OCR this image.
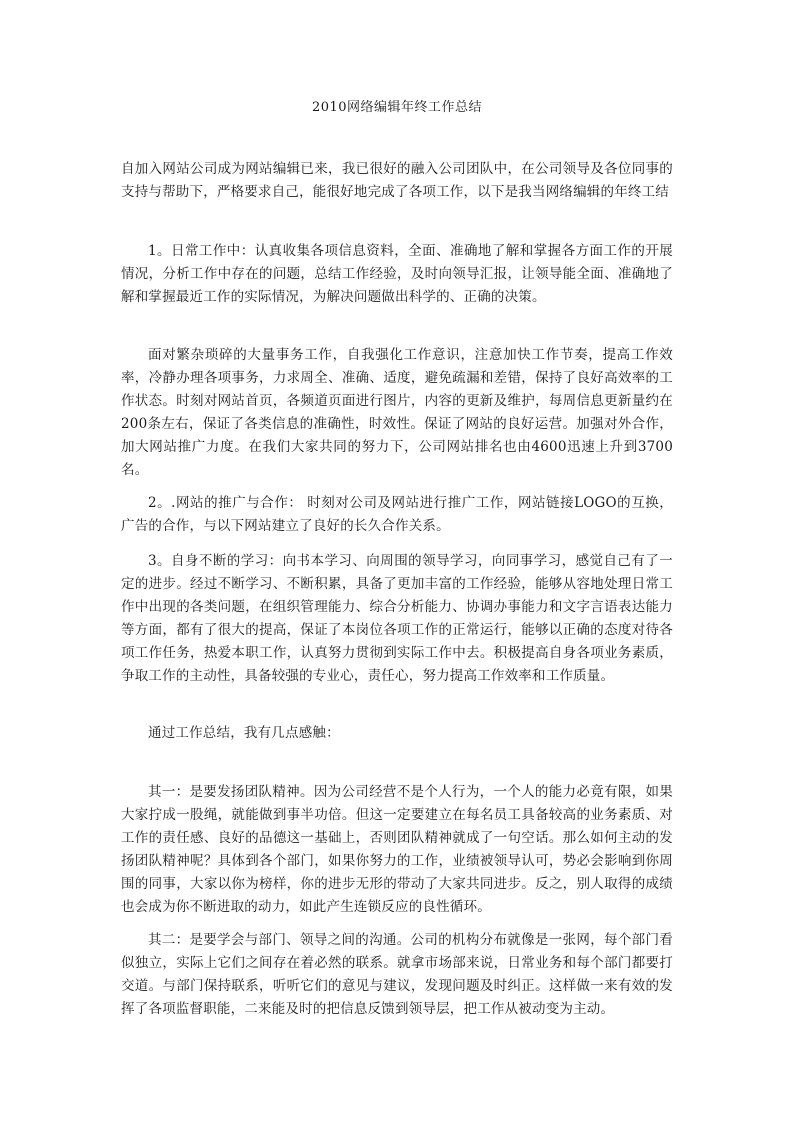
2010网络编辑年终工作总结

自加入网站公司成为网站编辑已来，我已很好的融入公司团队中，在公司领导及各位同事的支持与帮助下，严格要求自己，能很好地完成了各项工作，以下是我当网络编辑的年终工结

1。日常工作中：认真收集各项信息资料，全面、准确地了解和掌握各方面工作的开展情况，分析工作中存在的问题，总结工作经验，及时向领导汇报，让领导能全面、准确地了解和掌握最近工作的实际情况，为解决问题做出科学的、正确的决策。

面对繁杂琐碎的大量事务工作，自我强化工作意识，注意加快工作节奏，提高工作效率，冷静办理各项事务，力求周全、准确、适度，避免疏漏和差错，保持了良好高效率的工作状态。时刻对网站首页，各频道页面进行图片，内容的更新及维护，每周信息更新量约在200条左右，保证了各类信息的准确性，时效性。保证了网站的良好运营。加强对外合作，加大网站推广力度。在我们大家共同的努力下，公司网站排名也由4600迅速上升到3700名。

2。.网站的推广与合作： 时刻对公司及网站进行推广工作，网站链接LOGO的互换，广告的合作，与以下网站建立了良好的长久合作关系。

3。自身不断的学习：向书本学习、向周围的领导学习，向同事学习，感觉自己有了一定的进步。经过不断学习、不断积累，具备了更加丰富的工作经验，能够从容地处理日常工作中出现的各类问题，在组织管理能力、综合分析能力、协调办事能力和文字言语表达能力等方面，都有了很大的提高，保证了本岗位各项工作的正常运行，能够以正确的态度对待各项工作任务，热爱本职工作，认真努力贯彻到实际工作中去。积极提高自身各项业务素质，争取工作的主动性，具备较强的专业心，责任心，努力提高工作效率和工作质量。

通过工作总结，我有几点感触：

其一：是要发扬团队精神。因为公司经营不是个人行为，一个人的能力必竟有限，如果大家拧成一股绳，就能做到事半功倍。但这一定要建立在每名员工具备较高的业务素质、对工作的责任感、良好的品德这一基础上，否则团队精神就成了一句空话。那么如何主动的发扬团队精神呢？具体到各个部门，如果你努力的工作，业绩被领导认可，势必会影响到你周围的同事，大家以你为榜样，你的进步无形的带动了大家共同进步。反之，别人取得的成绩也会成为你不断进取的动力，如此产生连锁反应的良性循环。

其二：是要学会与部门、领导之间的沟通。公司的机构分布就像是一张网，每个部门看似独立，实际上它们之间存在着必然的联系。就拿市场部来说，日常业务和每个部门都要打交道。与部门保持联系，听听它们的意见与建议，发现问题及时纠正。这样做一来有效的发挥了各项监督职能，二来能及时的把信息反馈到领导层，把工作从被动变为主动。
